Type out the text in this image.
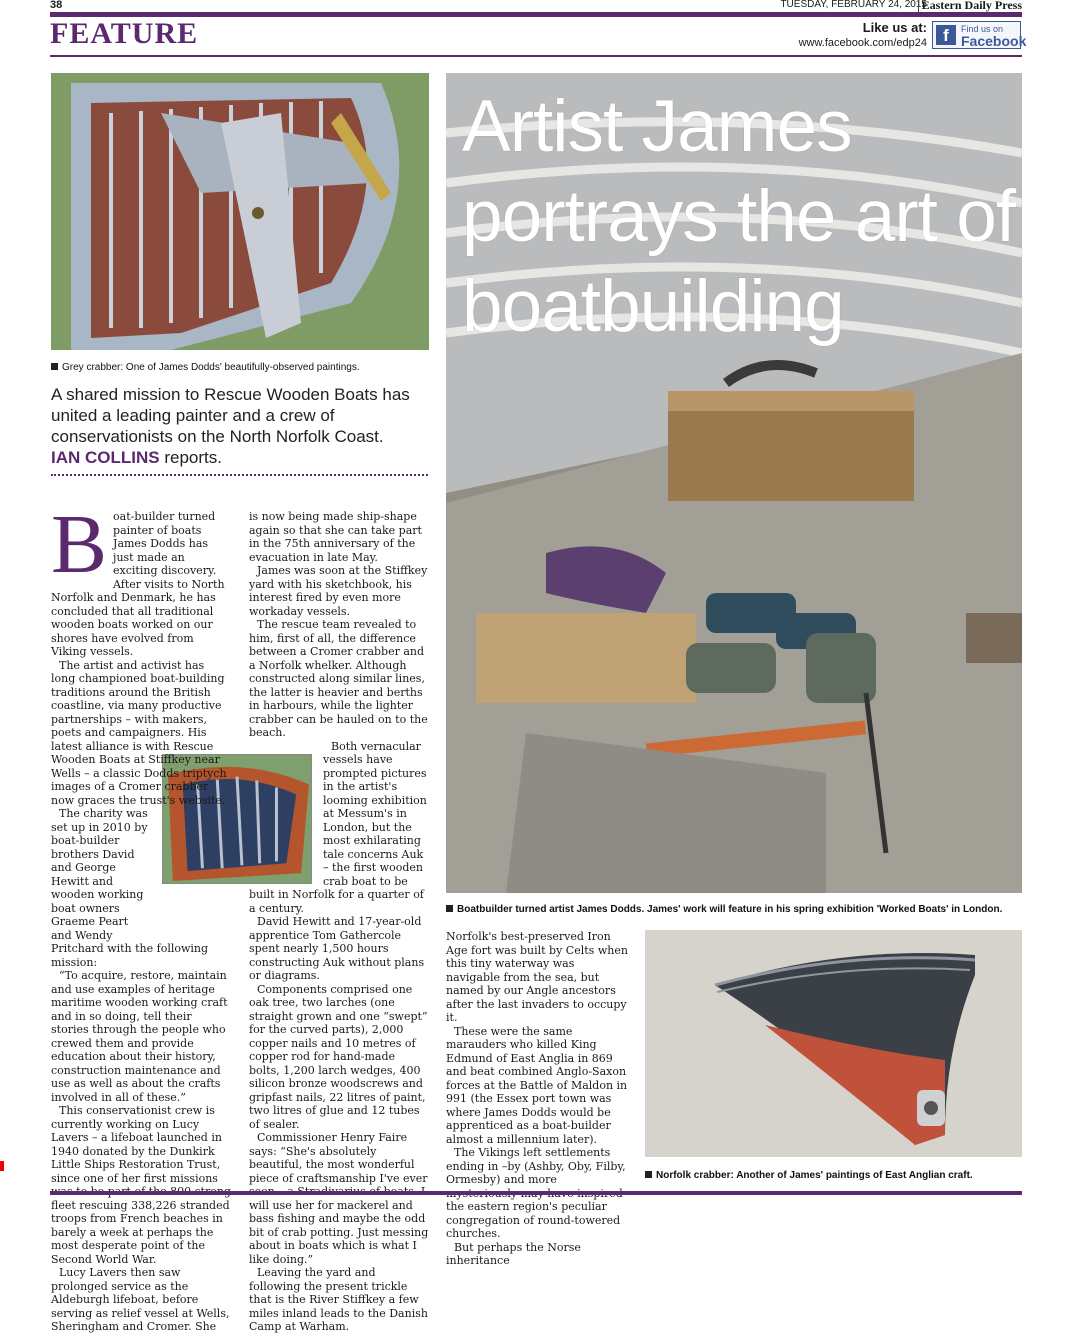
38	TUESDAY, FEBRUARY 24, 2015
Eastern Daily Press
FEATURE	Like us at:
www.facebook.com/edp24 f	Find us on
Facebook
Grey crabber: One of James Dodds' beautifully-observed paintings.
A shared mission to Rescue Wooden Boats has united a leading painter and a crew of conservationists on the North Norfolk Coast.
IAN COLLINS reports.
Artist James portrays the art of boatbuilding
Boatbuilder turned artist James Dodds. James' work will feature in his spring exhibition 'Worked Boats' in London.
Norfolk crabber: Another of James' paintings of East Anglian craft.
B oat-builder turned painter of boats James Dodds has just made an exciting discovery. After visits to North Norfolk and Denmark, he has concluded that all traditional wooden boats worked on our shores have evolved from Viking vessels.

The artist and activist has long championed boat-building traditions around the British coastline, via many productive partnerships – with makers, poets and campaigners. His latest alliance is with Rescue Wooden Boats at Stiffkey near Wells – a classic Dodds triptych images of a Cromer crabber now graces the trust's website.

The charity was set up in 2010 by boat-builder brothers David and George Hewitt and wooden working boat owners Graeme Peart and Wendy Pritchard with the following mission:

“To acquire, restore, maintain and use examples of heritage maritime wooden working craft and in so doing, tell their stories through the people who crewed them and provide education about their history, construction maintenance and use as well as about the crafts involved in all of these.”

This conservationist crew is currently working on Lucy Lavers – a lifeboat launched in 1940 donated by the Dunkirk Little Ships Restoration Trust, since one of her first missions fleet rescuing 338,226 stranded troops from French beaches in barely a week at perhaps the most desperate point of the Second World War.

Lucy Lavers then saw prolonged service as the Aldeburgh lifeboat, before serving as relief vessel at Wells, Sheringham and Cromer. She

is now being made ship-shape again so that she can take part in the 75th anniversary of the evacuation in late May.

James was soon at the Stiffkey yard with his sketchbook, his interest fired by even more workaday vessels.

The rescue team revealed to him, first of all, the difference between a Cromer crabber and a Norfolk whelker. Although constructed along similar lines, the latter is heavier and berths in harbours, while the lighter crabber can be hauled on to the beach.

Both vernacular vessels have prompted pictures in the artist's looming exhibition at Messum's in London, but the most exhilarating tale concerns Auk – the first wooden crab boat to be built in Norfolk for a quarter of a century.

David Hewitt and 17-year-old apprentice Tom Gathercole spent nearly 1,500 hours constructing Auk without plans or diagrams.

Components comprised one oak tree, two larches (one straight grown and one “swept” for the curved parts), 2,000 copper nails and 10 metres of copper rod for hand-made bolts, 1,200 larch wedges, 400 silicon bronze woodscrews and gripfast nails, 22 litres of paint, two litres of glue and 12 tubes of sealer.

Commissioner Henry Faire says: “She's absolutely beautiful, the most wonderful piece of craftsmanship I've ever will use her for mackerel and bass fishing and maybe the odd bit of crab potting. Just messing about in boats which is what I like doing.”

Leaving the yard and following the present trickle that is the River Stiffkey a few miles inland leads to the Danish Camp at Warham.

Norfolk's best-preserved Iron Age fort was built by Celts when this tiny waterway was navigable from the sea, but named by our Angle ancestors after the last invaders to occupy it.

These were the same marauders who killed King Edmund of East Anglia in 869 and beat combined Anglo-Saxon forces at the Battle of Maldon in 991 (the Essex port town was where James Dodds would be apprenticed as a boat-builder almost a millennium later).

The Vikings left settlements ending in –by (Ashby, Oby, Filby, Ormesby) and more the eastern region's peculiar congregation of round-towered churches.

But perhaps the Norse inheritance
